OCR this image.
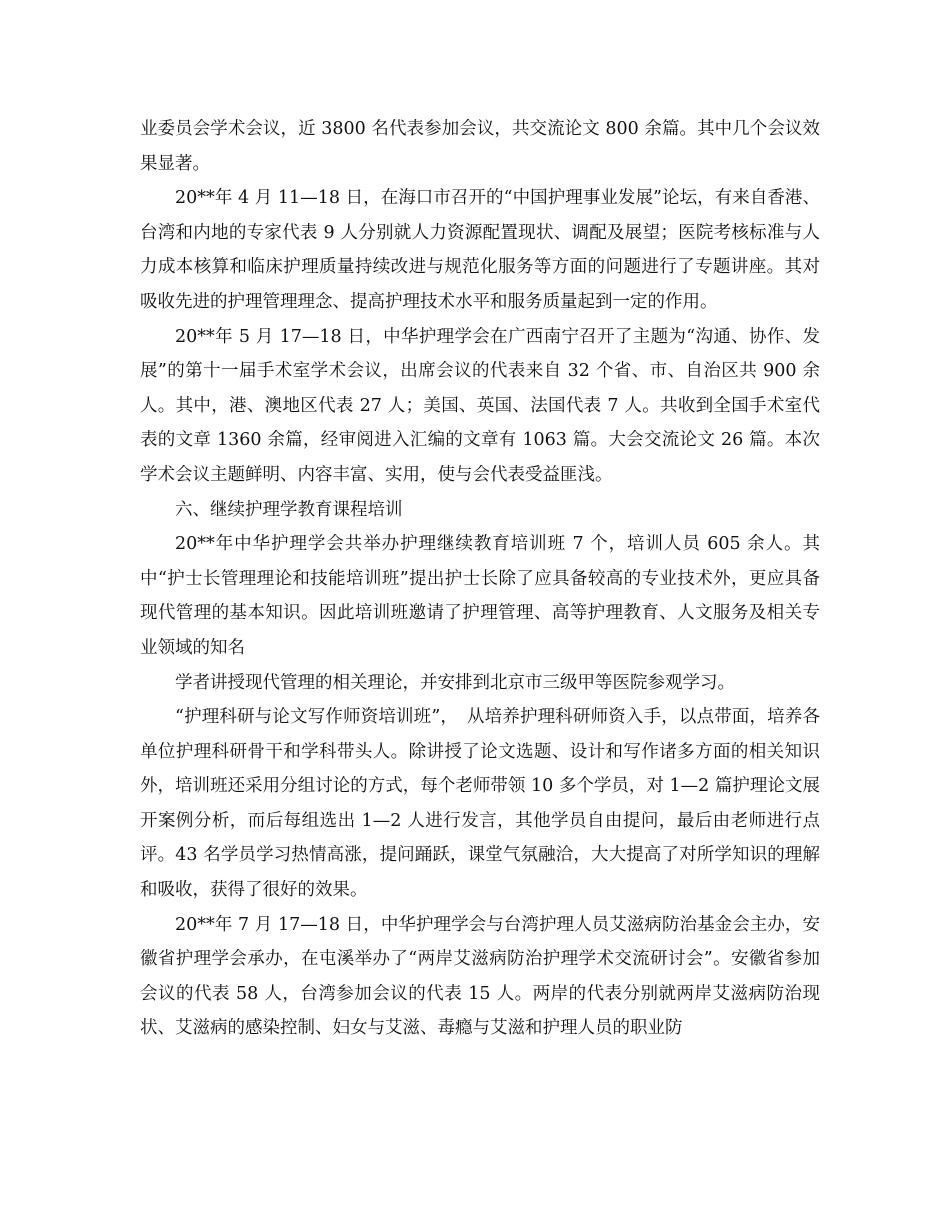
业委员会学术会议，近 3800 名代表参加会议，共交流论文 800 余篇。其中几个会议效果显著。

20**年 4 月 11—18 日，在海口市召开的“中国护理事业发展”论坛，有来自香港、台湾和内地的专家代表 9 人分别就人力资源配置现状、调配及展望；医院考核标准与人力成本核算和临床护理质量持续改进与规范化服务等方面的问题进行了专题讲座。其对吸收先进的护理管理理念、提高护理技术水平和服务质量起到一定的作用。

20**年 5 月 17—18 日，中华护理学会在广西南宁召开了主题为“沟通、协作、发展”的第十一届手术室学术会议，出席会议的代表来自 32 个省、市、自治区共 900 余人。其中，港、澳地区代表 27 人；美国、英国、法国代表 7 人。共收到全国手术室代表的文章 1360 余篇，经审阅进入汇编的文章有 1063 篇。大会交流论文 26 篇。本次学术会议主题鲜明、内容丰富、实用，使与会代表受益匪浅。

六、继续护理学教育课程培训

20**年中华护理学会共举办护理继续教育培训班 7 个，培训人员 605 余人。其中“护士长管理理论和技能培训班”提出护士长除了应具备较高的专业技术外，更应具备现代管理的基本知识。因此培训班邀请了护理管理、高等护理教育、人文服务及相关专业领域的知名

学者讲授现代管理的相关理论，并安排到北京市三级甲等医院参观学习。

“护理科研与论文写作师资培训班”，　从培养护理科研师资入手，以点带面，培养各单位护理科研骨干和学科带头人。除讲授了论文选题、设计和写作诸多方面的相关知识外，培训班还采用分组讨论的方式，每个老师带领 10 多个学员，对 1—2 篇护理论文展开案例分析，而后每组选出 1—2 人进行发言，其他学员自由提问，最后由老师进行点评。43 名学员学习热情高涨，提问踊跃，课堂气氛融洽，大大提高了对所学知识的理解和吸收，获得了很好的效果。

20**年 7 月 17—18 日，中华护理学会与台湾护理人员艾滋病防治基金会主办，安徽省护理学会承办，在屯溪举办了“两岸艾滋病防治护理学术交流研讨会”。安徽省参加会议的代表 58 人，台湾参加会议的代表 15 人。两岸的代表分别就两岸艾滋病防治现状、艾滋病的感染控制、妇女与艾滋、毒瘾与艾滋和护理人员的职业防
